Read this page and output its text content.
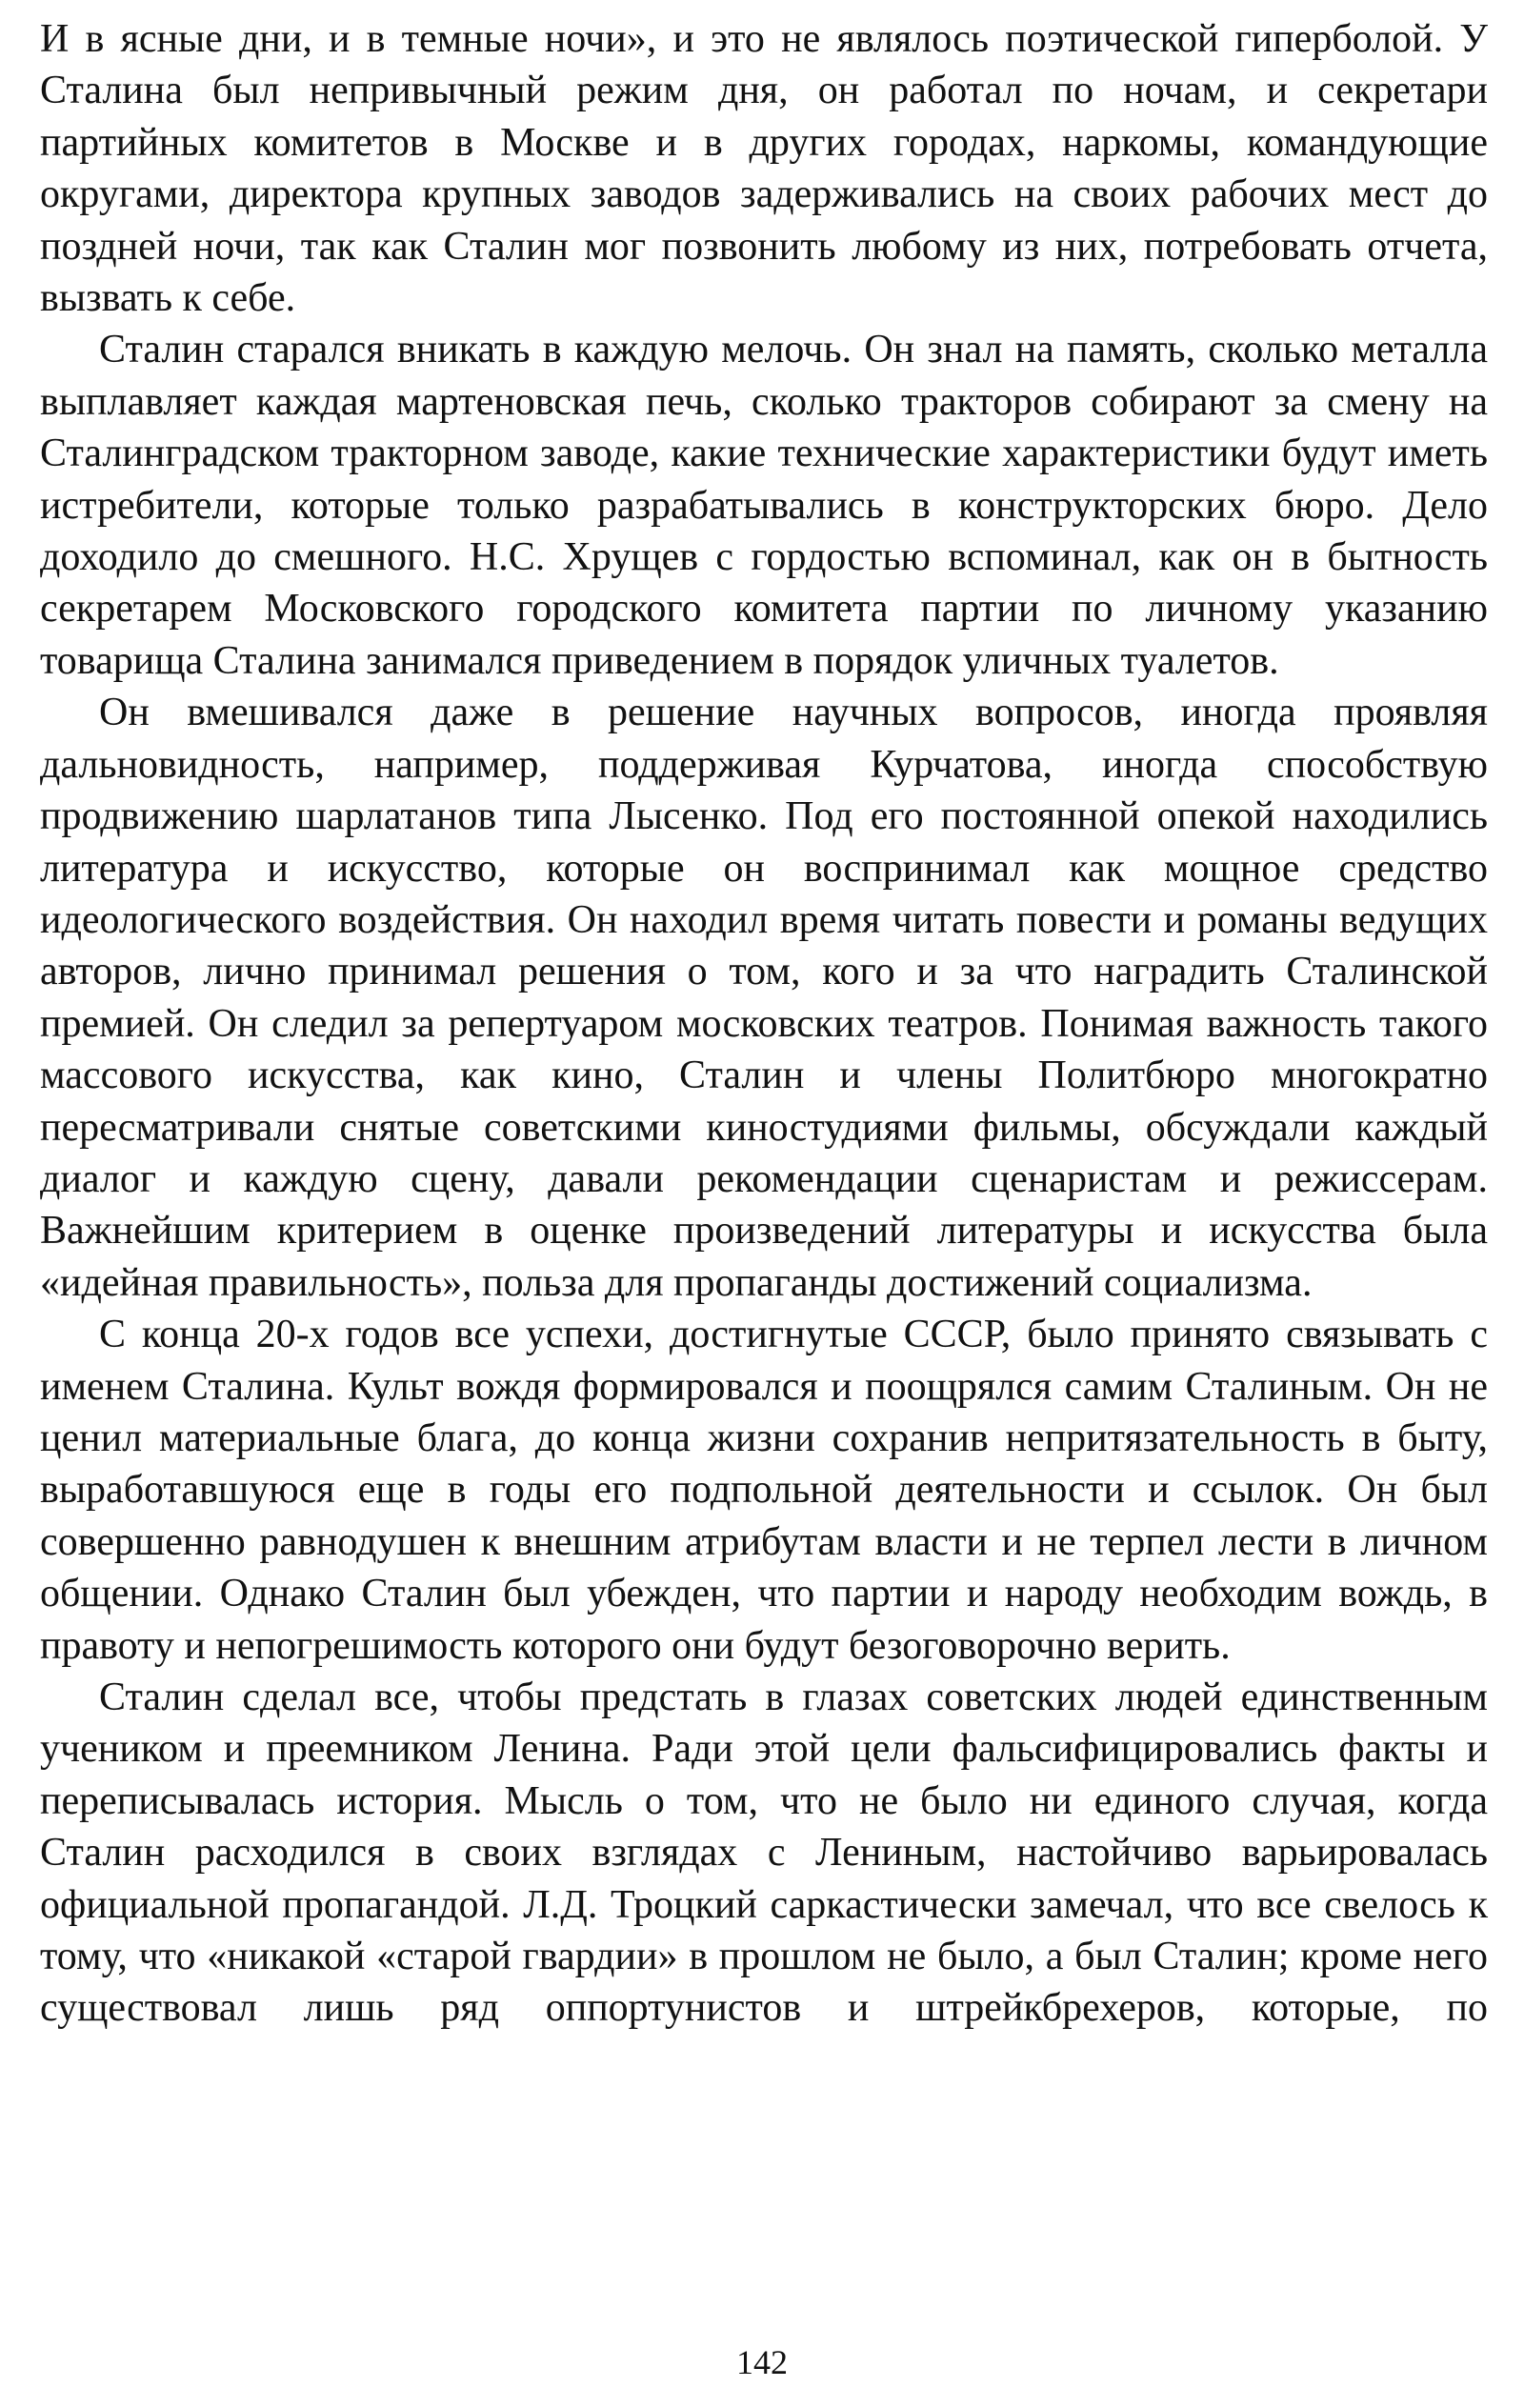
И в ясные дни, и в темные ночи», и это не являлось поэтической гиперболой. У Сталина был непривычный режим дня, он работал по ночам, и секретари партийных комитетов в Москве и в других городах, наркомы, командующие округами, директора крупных заводов задерживались на своих рабочих мест до поздней ночи, так как Сталин мог позвонить любому из них, потребовать отчета, вызвать к себе.

Сталин старался вникать в каждую мелочь. Он знал на память, сколько металла выплавляет каждая мартеновская печь, сколько тракторов собирают за смену на Сталинградском тракторном заводе, какие технические характеристики будут иметь истребители, которые только разрабатывались в конструкторских бюро. Дело доходило до смешного. Н.С. Хрущев с гордостью вспоминал, как он в бытность секретарем Московского городского комитета партии по личному указанию товарища Сталина занимался приведением в порядок уличных туалетов.

Он вмешивался даже в решение научных вопросов, иногда проявляя дальновидность, например, поддерживая Курчатова, иногда способствую продвижению шарлатанов типа Лысенко. Под его постоянной опекой находились литература и искусство, которые он воспринимал как мощное средство идеологического воздействия. Он находил время читать повести и романы ведущих авторов, лично принимал решения о том, кого и за что наградить Сталинской премией. Он следил за репертуаром московских театров. Понимая важность такого массового искусства, как кино, Сталин и члены Политбюро многократно пересматривали снятые советскими киностудиями фильмы, обсуждали каждый диалог и каждую сцену, давали рекомендации сценаристам и режиссерам. Важнейшим критерием в оценке произведений литературы и искусства была «идейная правильность», польза для пропаганды достижений социализма.

С конца 20-х годов все успехи, достигнутые СССР, было принято связывать с именем Сталина. Культ вождя формировался и поощрялся самим Сталиным. Он не ценил материальные блага, до конца жизни сохранив непритязательность в быту, выработавшуюся еще в годы его подпольной деятельности и ссылок. Он был совершенно равнодушен к внешним атрибутам власти и не терпел лести в личном общении. Однако Сталин был убежден, что партии и народу необходим вождь, в правоту и непогрешимость которого они будут безоговорочно верить.

Сталин сделал все, чтобы предстать в глазах советских людей единственным учеником и преемником Ленина. Ради этой цели фальсифицировались факты и переписывалась история. Мысль о том, что не было ни единого случая, когда Сталин расходился в своих взглядах с Лениным, настойчиво варьировалась официальной пропагандой. Л.Д. Троцкий саркастически замечал, что все свелось к тому, что «никакой «старой гвардии» в прошлом не было, а был Сталин; кроме него существовал лишь ряд оппортунистов и штрейкбрехеров, которые, по

142
